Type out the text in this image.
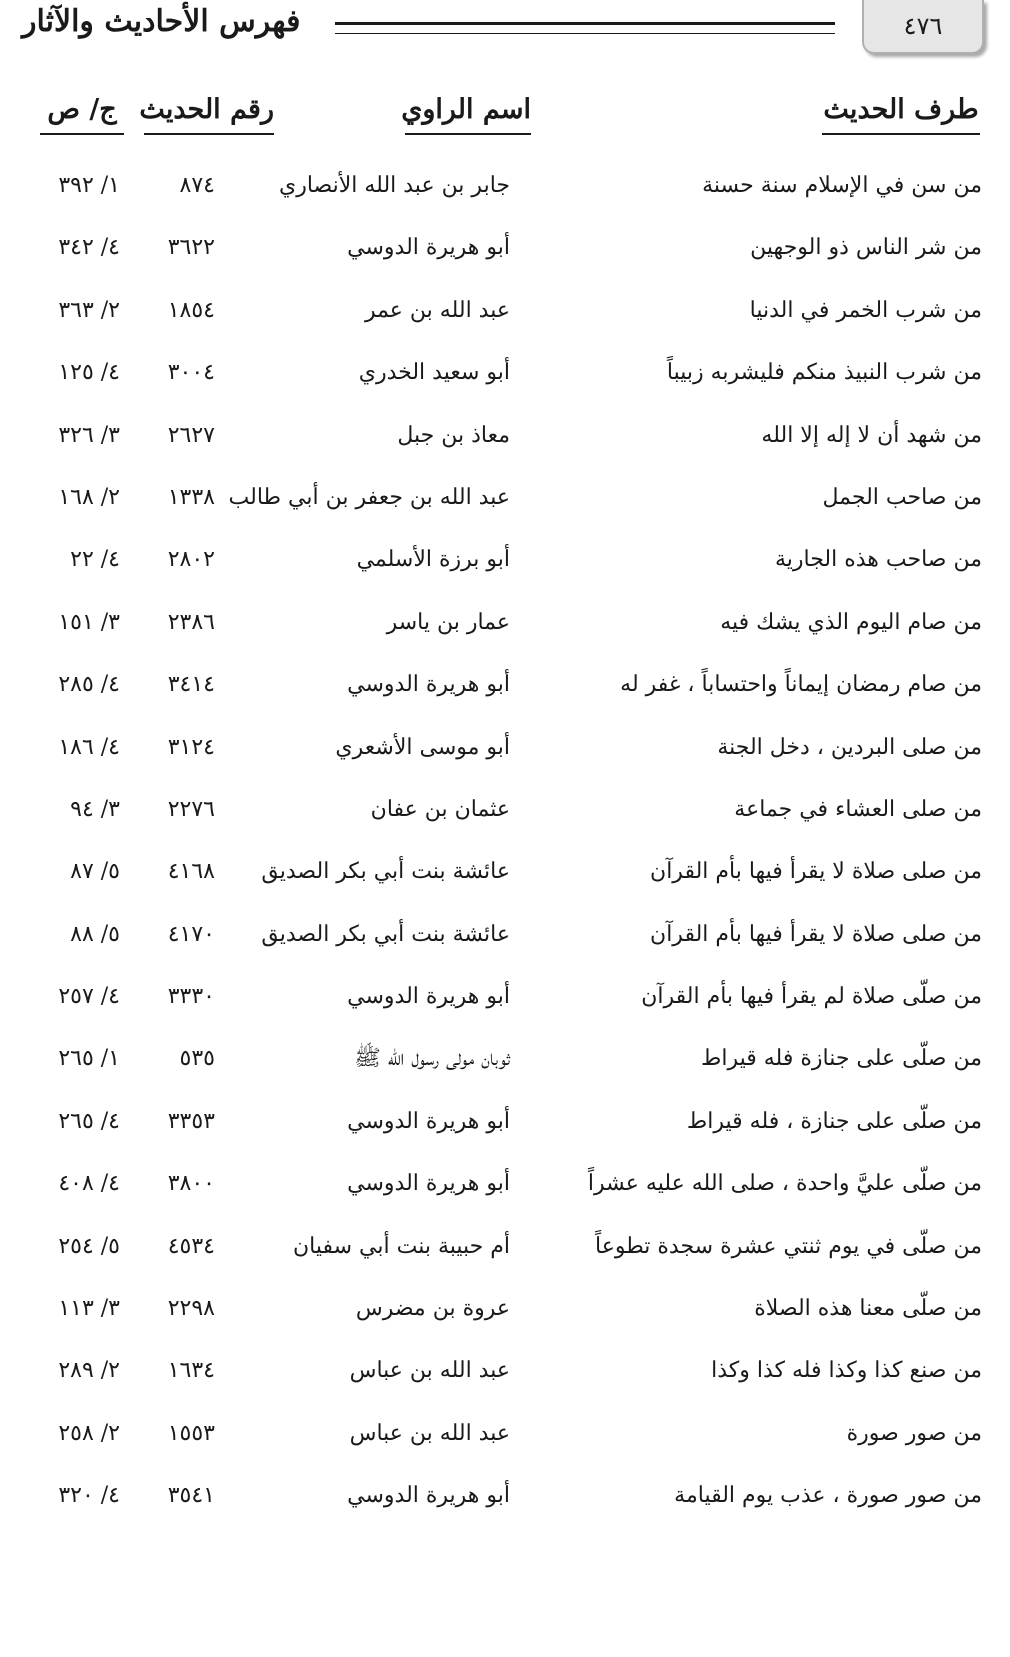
٤٧٦
فهرس الأحاديث والآثار
طرف الحديث
اسم الراوي
رقم الحديث
ج/ ص
من سن في الإسلام سنة حسنة
جابر بن عبد الله الأنصاري
٨٧٤
١/ ٣٩٢
من شر الناس ذو الوجهين
أبو هريرة الدوسي
٣٦٢٢
٤/ ٣٤٢
من شرب الخمر في الدنيا
عبد الله بن عمر
١٨٥٤
٢/ ٣٦٣
من شرب النبيذ منكم فليشربه زبيباً
أبو سعيد الخدري
٣٠٠٤
٤/ ١٢٥
من شهد أن لا إله إلا الله
معاذ بن جبل
٢٦٢٧
٣/ ٣٢٦
من صاحب الجمل
عبد الله بن جعفر بن أبي طالب
١٣٣٨
٢/ ١٦٨
من صاحب هذه الجارية
أبو برزة الأسلمي
٢٨٠٢
٤/ ٢٢
من صام اليوم الذي يشك فيه
عمار بن ياسر
٢٣٨٦
٣/ ١٥١
من صام رمضان إيماناً واحتساباً ، غفر له
أبو هريرة الدوسي
٣٤١٤
٤/ ٢٨٥
من صلى البردين ، دخل الجنة
أبو موسى الأشعري
٣١٢٤
٤/ ١٨٦
من صلى العشاء في جماعة
عثمان بن عفان
٢٢٧٦
٣/ ٩٤
من صلى صلاة لا يقرأ فيها بأم القرآن
عائشة بنت أبي بكر الصديق
٤١٦٨
٥/ ٨٧
من صلى صلاة لا يقرأ فيها بأم القرآن
عائشة بنت أبي بكر الصديق
٤١٧٠
٥/ ٨٨
من صلّى صلاة لم يقرأ فيها بأم القرآن
أبو هريرة الدوسي
٣٣٣٠
٤/ ٢٥٧
من صلّى على جنازة فله قيراط
ثوبان مولى رسول الله ﷺ
٥٣٥
١/ ٢٦٥
من صلّى على جنازة ، فله قيراط
أبو هريرة الدوسي
٣٣٥٣
٤/ ٢٦٥
من صلّى عليَّ واحدة ، صلى الله عليه عشراً
أبو هريرة الدوسي
٣٨٠٠
٤/ ٤٠٨
من صلّى في يوم ثنتي عشرة سجدة تطوعاً
أم حبيبة بنت أبي سفيان
٤٥٣٤
٥/ ٢٥٤
من صلّى معنا هذه الصلاة
عروة بن مضرس
٢٢٩٨
٣/ ١١٣
من صنع كذا وكذا فله كذا وكذا
عبد الله بن عباس
١٦٣٤
٢/ ٢٨٩
من صور صورة
عبد الله بن عباس
١٥٥٣
٢/ ٢٥٨
من صور صورة ، عذب يوم القيامة
أبو هريرة الدوسي
٣٥٤١
٤/ ٣٢٠
